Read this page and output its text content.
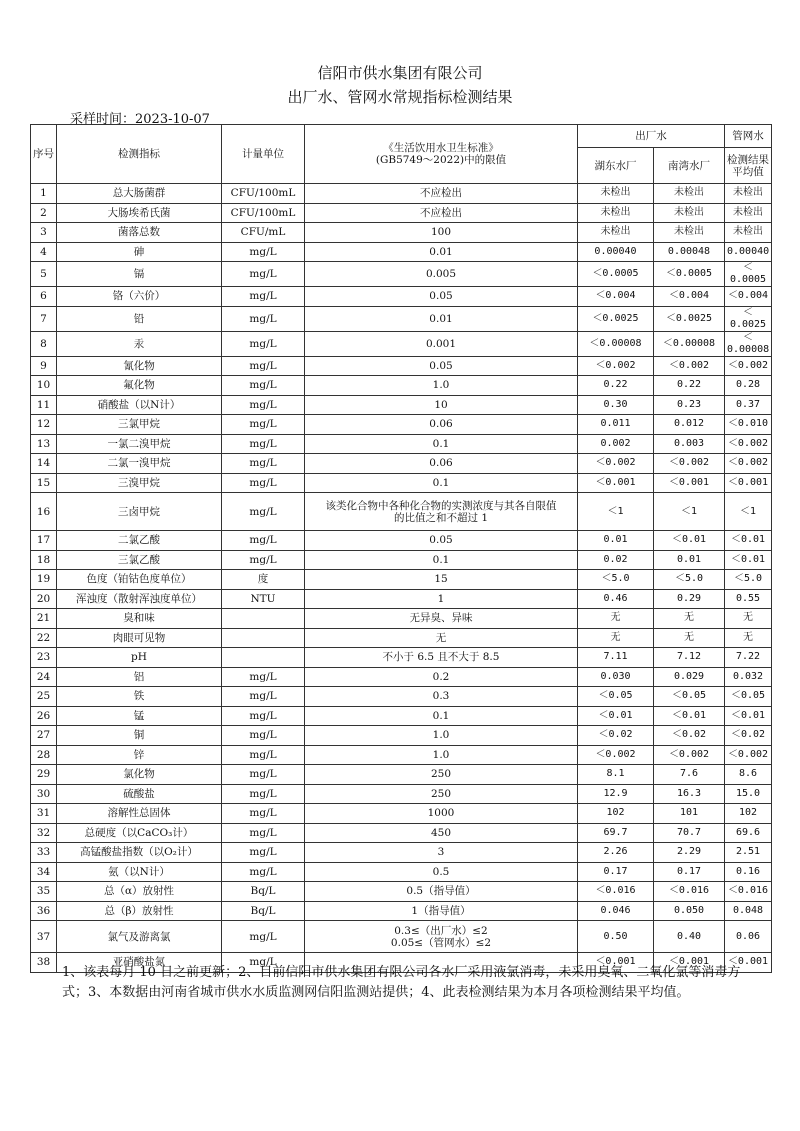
信阳市供水集团有限公司
出厂水、管网水常规指标检测结果
采样时间：2023-10-07
序号	检测指标	计量单位	《生活饮用水卫生标准》
(GB5749～2022)中的限值	出厂水		管网水
				湖东水厂	南湾水厂	检测结果平均值
1	总大肠菌群	CFU/100mL	不应检出	未检出	未检出	未检出
2	大肠埃希氏菌	CFU/100mL	不应检出	未检出	未检出	未检出
3	菌落总数	CFU/mL	100	未检出	未检出	未检出
4	砷	mg/L	0.01	0.00040	0.00048	0.00040
5	镉	mg/L	0.005	＜0.0005	＜0.0005	＜0.0005
6	铬（六价）	mg/L	0.05	＜0.004	＜0.004	＜0.004
7	铅	mg/L	0.01	＜0.0025	＜0.0025	＜0.0025
8	汞	mg/L	0.001	＜0.00008	＜0.00008	＜0.00008
9	氰化物	mg/L	0.05	＜0.002	＜0.002	＜0.002
10	氟化物	mg/L	1.0	0.22	0.22	0.28
11	硝酸盐（以N计）	mg/L	10	0.30	0.23	0.37
12	三氯甲烷	mg/L	0.06	0.011	0.012	＜0.010
13	一氯二溴甲烷	mg/L	0.1	0.002	0.003	＜0.002
14	二氯一溴甲烷	mg/L	0.06	＜0.002	＜0.002	＜0.002
15	三溴甲烷	mg/L	0.1	＜0.001	＜0.001	＜0.001
16	三卤甲烷	mg/L	该类化合物中各种化合物的实测浓度与其各自限值的比值之和不超过 1	＜1	＜1	＜1
17	二氯乙酸	mg/L	0.05	0.01	＜0.01	＜0.01
18	三氯乙酸	mg/L	0.1	0.02	0.01	＜0.01
19	色度（铂钴色度单位）	度	15	＜5.0	＜5.0	＜5.0
20	浑浊度（散射浑浊度单位）	NTU	1	0.46	0.29	0.55
21	臭和味		无异臭、异味	无	无	无
22	肉眼可见物		无	无	无	无
23	pH		不小于 6.5 且不大于 8.5	7.11	7.12	7.22
24	铝	mg/L	0.2	0.030	0.029	0.032
25	铁	mg/L	0.3	＜0.05	＜0.05	＜0.05
26	锰	mg/L	0.1	＜0.01	＜0.01	＜0.01
27	铜	mg/L	1.0	＜0.02	＜0.02	＜0.02
28	锌	mg/L	1.0	＜0.002	＜0.002	＜0.002
29	氯化物	mg/L	250	8.1	7.6	8.6
30	硫酸盐	mg/L	250	12.9	16.3	15.0
31	溶解性总固体	mg/L	1000	102	101	102
32	总硬度（以CaCO₃计）	mg/L	450	69.7	70.7	69.6
33	高锰酸盐指数（以O₂计）	mg/L	3	2.26	2.29	2.51
34	氨（以N计）	mg/L	0.5	0.17	0.17	0.16
35	总（α）放射性	Bq/L	0.5（指导值）	＜0.016	＜0.016	＜0.016
36	总（β）放射性	Bq/L	1（指导值）	0.046	0.050	0.048
37	氯气及游离氯	mg/L	0.3≤（出厂水）≤2
0.05≤（管网水）≤2	0.50	0.40	0.06
38	亚硝酸盐氮	mg/L		＜0.001	＜0.001	＜0.001
1、该表每月 10 日之前更新；2、目前信阳市供水集团有限公司各水厂采用液氯消毒，未采用臭氧、二氧化氯等消毒方式；3、本数据由河南省城市供水水质监测网信阳监测站提供；4、此表检测结果为本月各项检测结果平均值。
